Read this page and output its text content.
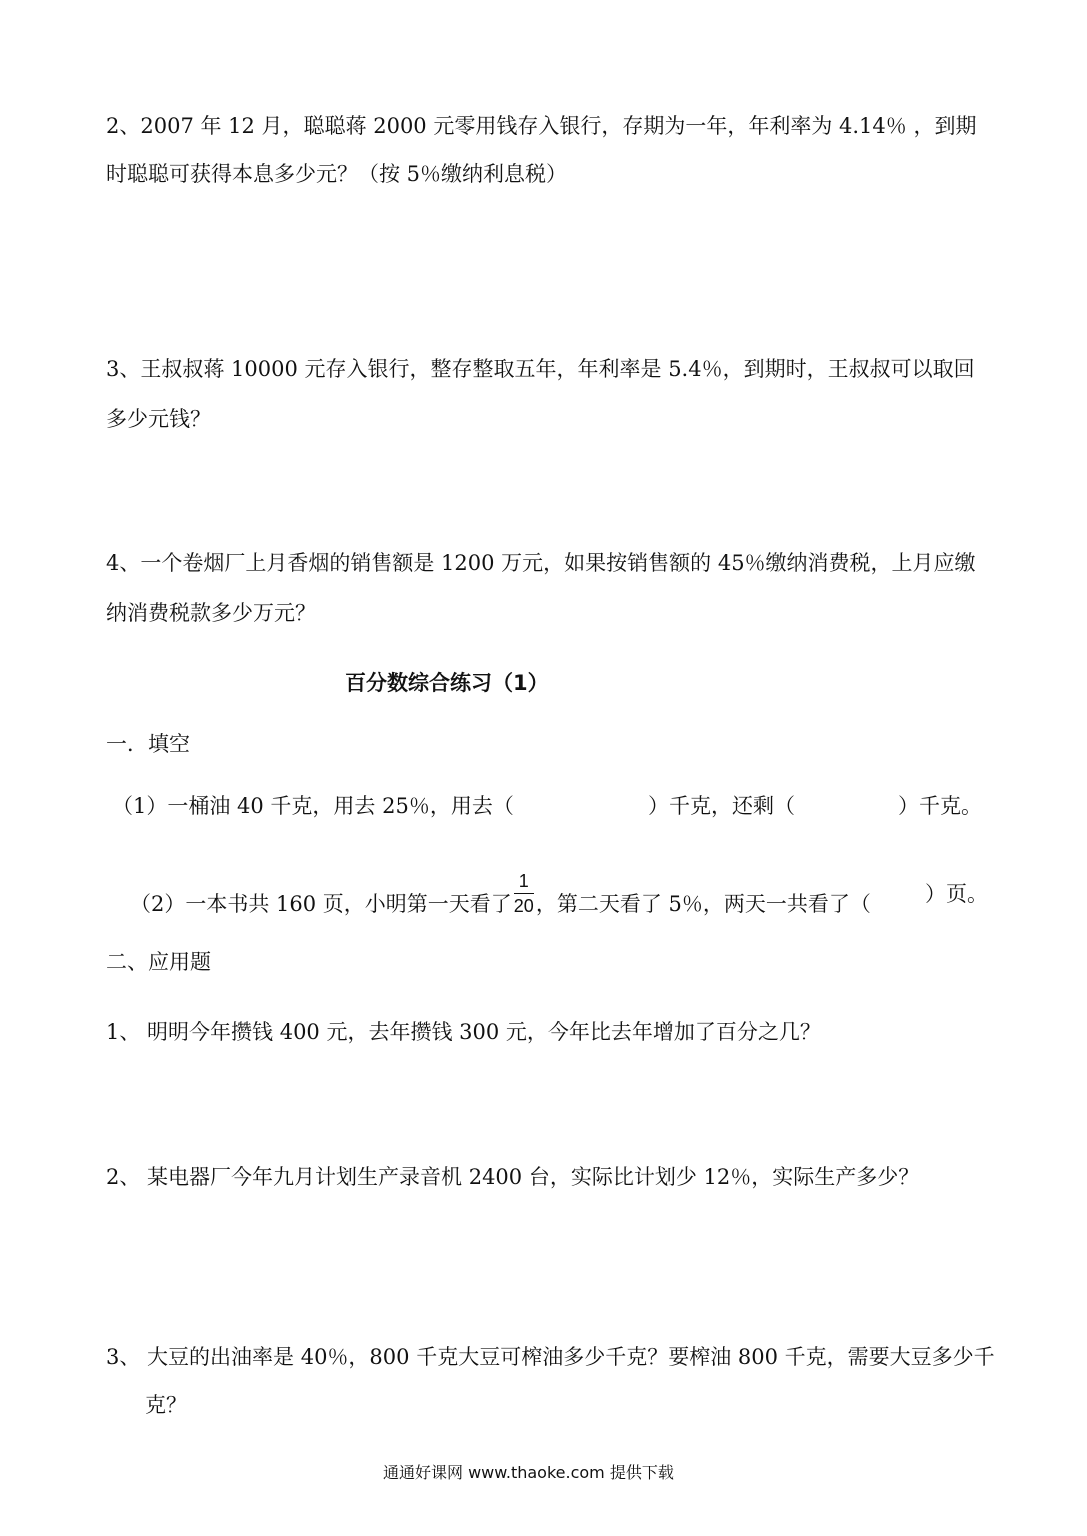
2、2007 年 12 月，聪聪蒋 2000 元零用钱存入银行，存期为一年，年利率为 4.14％ ，到期
时聪聪可获得本息多少元？（按 5％缴纳利息税）
3、王叔叔蒋 10000 元存入银行，整存整取五年，年利率是 5.4％，到期时，王叔叔可以取回
多少元钱？
4、一个卷烟厂上月香烟的销售额是 1200 万元，如果按销售额的 45％缴纳消费税，上月应缴
纳消费税款多少万元？
百分数综合练习（1）
一．填空
（1）一桶油 40 千克，用去 25％，用去（	）千克，还剩（	）千克。
（2）一本书共 160 页，小明第一天看了 $\frac{1}{20}$ ，第二天看了 5％，两天一共看了（	）页。
二、应用题
1、 明明今年攒钱 400 元，去年攒钱 300 元，今年比去年增加了百分之几？
2、 某电器厂今年九月计划生产录音机 2400 台，实际比计划少 12％，实际生产多少？
3、 大豆的出油率是 40％，800 千克大豆可榨油多少千克？要榨油 800 千克，需要大豆多少千
克？
通通好课网 www.thaoke.com 提供下载
